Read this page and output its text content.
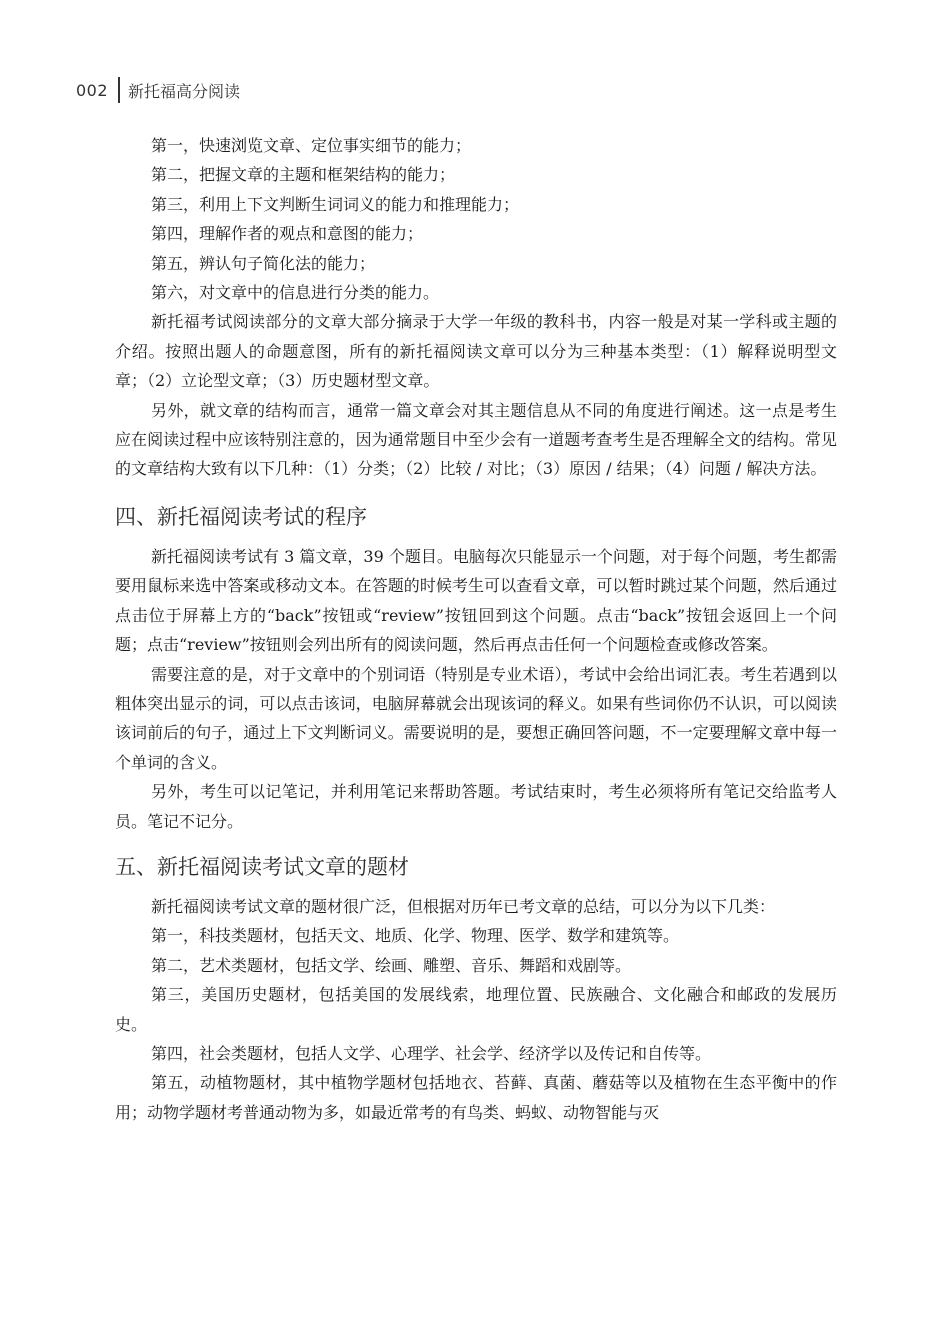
002 新托福高分阅读

第一，快速浏览文章、定位事实细节的能力；

第二，把握文章的主题和框架结构的能力；

第三，利用上下文判断生词词义的能力和推理能力；

第四，理解作者的观点和意图的能力；

第五，辨认句子简化法的能力；

第六，对文章中的信息进行分类的能力。

新托福考试阅读部分的文章大部分摘录于大学一年级的教科书，内容一般是对某一学科或主题的介绍。按照出题人的命题意图，所有的新托福阅读文章可以分为三种基本类型：（1）解释说明型文章；（2）立论型文章；（3）历史题材型文章。

另外，就文章的结构而言，通常一篇文章会对其主题信息从不同的角度进行阐述。这一点是考生应在阅读过程中应该特别注意的，因为通常题目中至少会有一道题考查考生是否理解全文的结构。常见的文章结构大致有以下几种：（1）分类；（2）比较 / 对比；（3）原因 / 结果；（4）问题 / 解决方法。

四、新托福阅读考试的程序

新托福阅读考试有 3 篇文章，39 个题目。电脑每次只能显示一个问题，对于每个问题，考生都需要用鼠标来选中答案或移动文本。在答题的时候考生可以查看文章，可以暂时跳过某个问题，然后通过点击位于屏幕上方的“back”按钮或“review”按钮回到这个问题。点击“back”按钮会返回上一个问题；点击“review”按钮则会列出所有的阅读问题，然后再点击任何一个问题检查或修改答案。

需要注意的是，对于文章中的个别词语（特别是专业术语），考试中会给出词汇表。考生若遇到以粗体突出显示的词，可以点击该词，电脑屏幕就会出现该词的释义。如果有些词你仍不认识，可以阅读该词前后的句子，通过上下文判断词义。需要说明的是，要想正确回答问题，不一定要理解文章中每一个单词的含义。

另外，考生可以记笔记，并利用笔记来帮助答题。考试结束时，考生必须将所有笔记交给监考人员。笔记不记分。

五、新托福阅读考试文章的题材

新托福阅读考试文章的题材很广泛，但根据对历年已考文章的总结，可以分为以下几类：

第一，科技类题材，包括天文、地质、化学、物理、医学、数学和建筑等。

第二，艺术类题材，包括文学、绘画、雕塑、音乐、舞蹈和戏剧等。

第三，美国历史题材，包括美国的发展线索，地理位置、民族融合、文化融合和邮政的发展历史。

第四，社会类题材，包括人文学、心理学、社会学、经济学以及传记和自传等。

第五，动植物题材，其中植物学题材包括地衣、苔藓、真菌、蘑菇等以及植物在生态平衡中的作用；动物学题材考普通动物为多，如最近常考的有鸟类、蚂蚁、动物智能与灭
